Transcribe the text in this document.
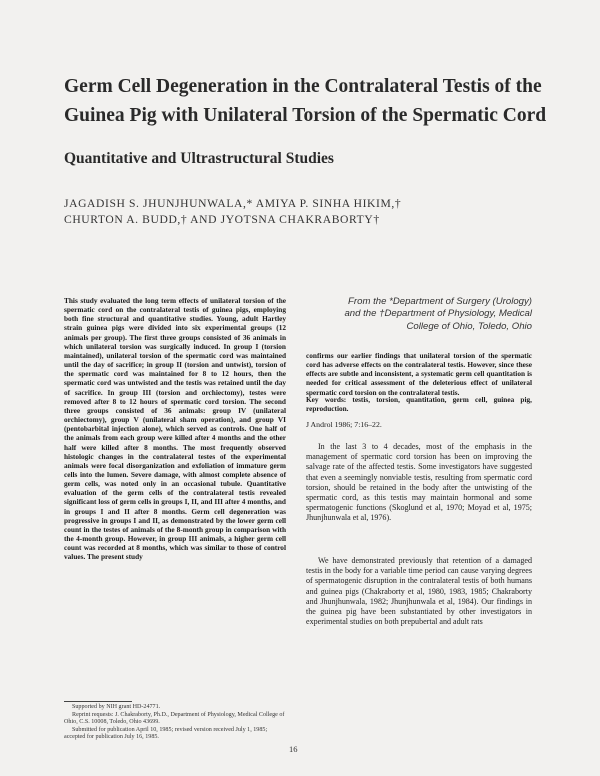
Germ Cell Degeneration in the Contralateral Testis of the Guinea Pig with Unilateral Torsion of the Spermatic Cord
Quantitative and Ultrastructural Studies
JAGADISH S. JHUNJHUNWALA,* AMIYA P. SINHA HIKIM,†
CHURTON A. BUDD,† AND JYOTSNA CHAKRABORTY†

This study evaluated the long term effects of unilateral torsion of the spermatic cord on the contralateral testis of guinea pigs, employing both fine structural and quantitative studies. Young, adult Hartley strain guinea pigs were divided into six experimental groups (12 animals per group). The first three groups consisted of 36 animals in which unilateral torsion was surgically induced. In group I (torsion maintained), unilateral torsion of the spermatic cord was maintained until the day of sacrifice; in group II (torsion and untwist), torsion of the spermatic cord was maintained for 8 to 12 hours, then the spermatic cord was untwisted and the testis was retained until the day of sacrifice. In group III (torsion and orchiectomy), testes were removed after 8 to 12 hours of spermatic cord torsion. The second three groups consisted of 36 animals: group IV (unilateral orchiectomy), group V (unilateral sham operation), and group VI (pentobarbital injection alone), which served as controls. One half of the animals from each group were killed after 4 months and the other half were killed after 8 months. The most frequently observed histologic changes in the contralateral testes of the experimental animals were focal disorganization and exfoliation of immature germ cells into the lumen. Severe damage, with almost complete absence of germ cells, was noted only in an occasional tubule. Quantitative evaluation of the germ cells of the contralateral testis revealed significant loss of germ cells in groups I, II, and III after 4 months, and in groups I and II after 8 months. Germ cell degeneration was progressive in groups I and II, as demonstrated by the lower germ cell count in the testes of animals of the 8-month group in comparison with the 4-month group. However, in group III animals, a higher germ cell count was recorded at 8 months, which was similar to those of control values. The present study

From the *Department of Surgery (Urology)
and the †Department of Physiology, Medical
College of Ohio, Toledo, Ohio

confirms our earlier findings that unilateral torsion of the spermatic cord has adverse effects on the contralateral testis. However, since these effects are subtle and inconsistent, a systematic germ cell quantitation is needed for critical assessment of the deleterious effect of unilateral spermatic cord torsion on the contralateral testis.

Key words: testis, torsion, quantitation, germ cell, guinea pig, reproduction.

J Androl 1986; 7:16–22.

In the last 3 to 4 decades, most of the emphasis in the management of spermatic cord torsion has been on improving the salvage rate of the affected testis. Some investigators have suggested that even a seemingly nonviable testis, resulting from spermatic cord torsion, should be retained in the body after the untwisting of the spermatic cord, as this testis may maintain hormonal and some spermatogenic functions (Skoglund et al, 1970; Moyad et al, 1975; Jhunjhunwala et al, 1976).

We have demonstrated previously that retention of a damaged testis in the body for a variable time period can cause varying degrees of spermatogenic disruption in the contralateral testis of both humans and guinea pigs (Chakraborty et al, 1980, 1983, 1985; Chakraborty and Jhunjhunwala, 1982; Jhunjhunwala et al, 1984). Our findings in the guinea pig have been substantiated by other investigators in experimental studies on both prepubertal and adult rats

Supported by NIH grant HD-24771.

Reprint requests: J. Chakraborty, Ph.D., Department of Physiology, Medical College of Ohio, C.S. 10008, Toledo, Ohio 43699.

Submitted for publication April 10, 1985; revised version received July 1, 1985; accepted for publication July 16, 1985.

16
